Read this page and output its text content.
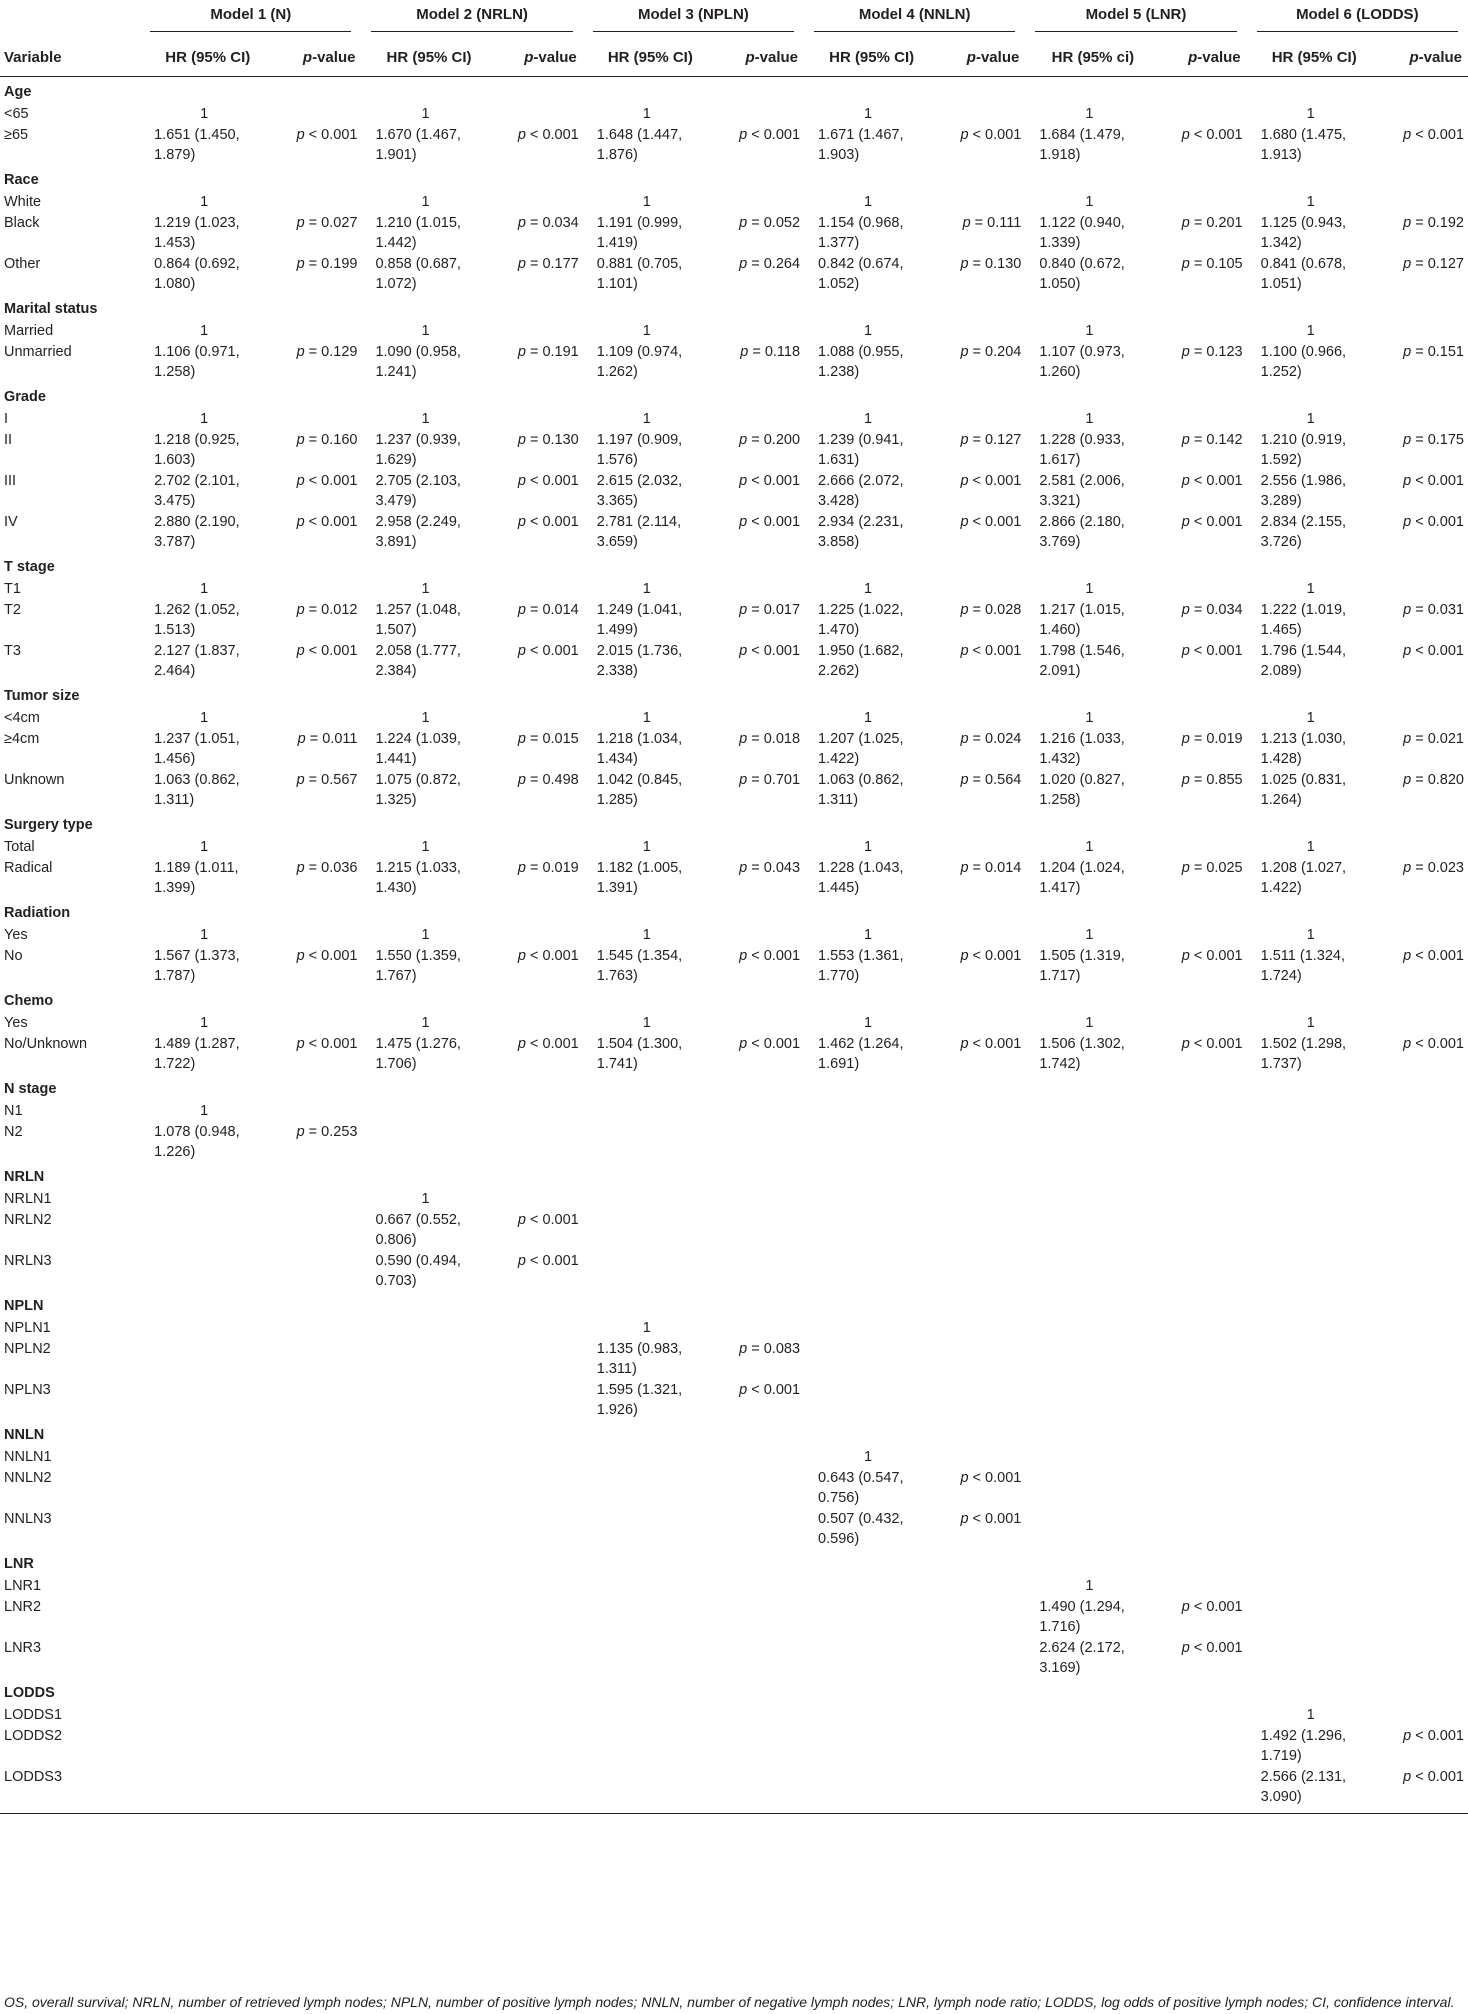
	Model 1 (N)		Model 2 (NRLN)		Model 3 (NPLN)		Model 4 (NNLN)		Model 5 (LNR)		Model 6 (LODDS)	

Variable	HR (95% CI)	p-value	HR (95% CI)	p-value	HR (95% CI)	p-value	HR (95% CI)	p-value	HR (95% ci)	p-value	HR (95% CI)	p-value
Age												
<65	1		1		1		1		1		1	
≥65	1.651 (1.450,
1.879)	p < 0.001	1.670 (1.467,
1.901)	p < 0.001	1.648 (1.447,
1.876)	p < 0.001	1.671 (1.467,
1.903)	p < 0.001	1.684 (1.479,
1.918)	p < 0.001	1.680 (1.475,
1.913)	p < 0.001
Race												
White	1		1		1		1		1		1	
Black	1.219 (1.023,
1.453)	p = 0.027	1.210 (1.015,
1.442)	p = 0.034	1.191 (0.999,
1.419)	p = 0.052	1.154 (0.968,
1.377)	p = 0.111	1.122 (0.940,
1.339)	p = 0.201	1.125 (0.943,
1.342)	p = 0.192
Other	0.864 (0.692,
1.080)	p = 0.199	0.858 (0.687,
1.072)	p = 0.177	0.881 (0.705,
1.101)	p = 0.264	0.842 (0.674,
1.052)	p = 0.130	0.840 (0.672,
1.050)	p = 0.105	0.841 (0.678,
1.051)	p = 0.127
Marital status												
Married	1		1		1		1		1		1	
Unmarried	1.106 (0.971,
1.258)	p = 0.129	1.090 (0.958,
1.241)	p = 0.191	1.109 (0.974,
1.262)	p = 0.118	1.088 (0.955,
1.238)	p = 0.204	1.107 (0.973,
1.260)	p = 0.123	1.100 (0.966,
1.252)	p = 0.151
Grade												
I	1		1		1		1		1		1	
II	1.218 (0.925,
1.603)	p = 0.160	1.237 (0.939,
1.629)	p = 0.130	1.197 (0.909,
1.576)	p = 0.200	1.239 (0.941,
1.631)	p = 0.127	1.228 (0.933,
1.617)	p = 0.142	1.210 (0.919,
1.592)	p = 0.175
III	2.702 (2.101,
3.475)	p < 0.001	2.705 (2.103,
3.479)	p < 0.001	2.615 (2.032,
3.365)	p < 0.001	2.666 (2.072,
3.428)	p < 0.001	2.581 (2.006,
3.321)	p < 0.001	2.556 (1.986,
3.289)	p < 0.001
IV	2.880 (2.190,
3.787)	p < 0.001	2.958 (2.249,
3.891)	p < 0.001	2.781 (2.114,
3.659)	p < 0.001	2.934 (2.231,
3.858)	p < 0.001	2.866 (2.180,
3.769)	p < 0.001	2.834 (2.155,
3.726)	p < 0.001
T stage												
T1	1		1		1		1		1		1	
T2	1.262 (1.052,
1.513)	p = 0.012	1.257 (1.048,
1.507)	p = 0.014	1.249 (1.041,
1.499)	p = 0.017	1.225 (1.022,
1.470)	p = 0.028	1.217 (1.015,
1.460)	p = 0.034	1.222 (1.019,
1.465)	p = 0.031
T3	2.127 (1.837,
2.464)	p < 0.001	2.058 (1.777,
2.384)	p < 0.001	2.015 (1.736,
2.338)	p < 0.001	1.950 (1.682,
2.262)	p < 0.001	1.798 (1.546,
2.091)	p < 0.001	1.796 (1.544,
2.089)	p < 0.001
Tumor size												
<4cm	1		1		1		1		1		1	
≥4cm	1.237 (1.051,
1.456)	p = 0.011	1.224 (1.039,
1.441)	p = 0.015	1.218 (1.034,
1.434)	p = 0.018	1.207 (1.025,
1.422)	p = 0.024	1.216 (1.033,
1.432)	p = 0.019	1.213 (1.030,
1.428)	p = 0.021
Unknown	1.063 (0.862,
1.311)	p = 0.567	1.075 (0.872,
1.325)	p = 0.498	1.042 (0.845,
1.285)	p = 0.701	1.063 (0.862,
1.311)	p = 0.564	1.020 (0.827,
1.258)	p = 0.855	1.025 (0.831,
1.264)	p = 0.820
Surgery type												
Total	1		1		1		1		1		1	
Radical	1.189 (1.011,
1.399)	p = 0.036	1.215 (1.033,
1.430)	p = 0.019	1.182 (1.005,
1.391)	p = 0.043	1.228 (1.043,
1.445)	p = 0.014	1.204 (1.024,
1.417)	p = 0.025	1.208 (1.027,
1.422)	p = 0.023
Radiation												
Yes	1		1		1		1		1		1	
No	1.567 (1.373,
1.787)	p < 0.001	1.550 (1.359,
1.767)	p < 0.001	1.545 (1.354,
1.763)	p < 0.001	1.553 (1.361,
1.770)	p < 0.001	1.505 (1.319,
1.717)	p < 0.001	1.511 (1.324,
1.724)	p < 0.001
Chemo												
Yes	1		1		1		1		1		1	
No/Unknown	1.489 (1.287,
1.722)	p < 0.001	1.475 (1.276,
1.706)	p < 0.001	1.504 (1.300,
1.741)	p < 0.001	1.462 (1.264,
1.691)	p < 0.001	1.506 (1.302,
1.742)	p < 0.001	1.502 (1.298,
1.737)	p < 0.001
N stage												
N1	1											
N2	1.078 (0.948,
1.226)	p = 0.253										
NRLN												
NRLN1			1									
NRLN2			0.667 (0.552,
0.806)	p < 0.001								
NRLN3			0.590 (0.494,
0.703)	p < 0.001								
NPLN												
NPLN1					1							
NPLN2					1.135 (0.983,
1.311)	p = 0.083						
NPLN3					1.595 (1.321,
1.926)	p < 0.001						
NNLN												
NNLN1							1					
NNLN2							0.643 (0.547,
0.756)	p < 0.001				
NNLN3							0.507 (0.432,
0.596)	p < 0.001				
LNR												
LNR1									1			
LNR2									1.490 (1.294,
1.716)	p < 0.001		
LNR3									2.624 (2.172,
3.169)	p < 0.001		
LODDS												
LODDS1											1	
LODDS2											1.492 (1.296,
1.719)	p < 0.001
LODDS3											2.566 (2.131,
3.090)	p < 0.001
OS, overall survival; NRLN, number of retrieved lymph nodes; NPLN, number of positive lymph nodes; NNLN, number of negative lymph nodes; LNR, lymph node ratio; LODDS, log odds of positive lymph nodes; CI, confidence interval.
